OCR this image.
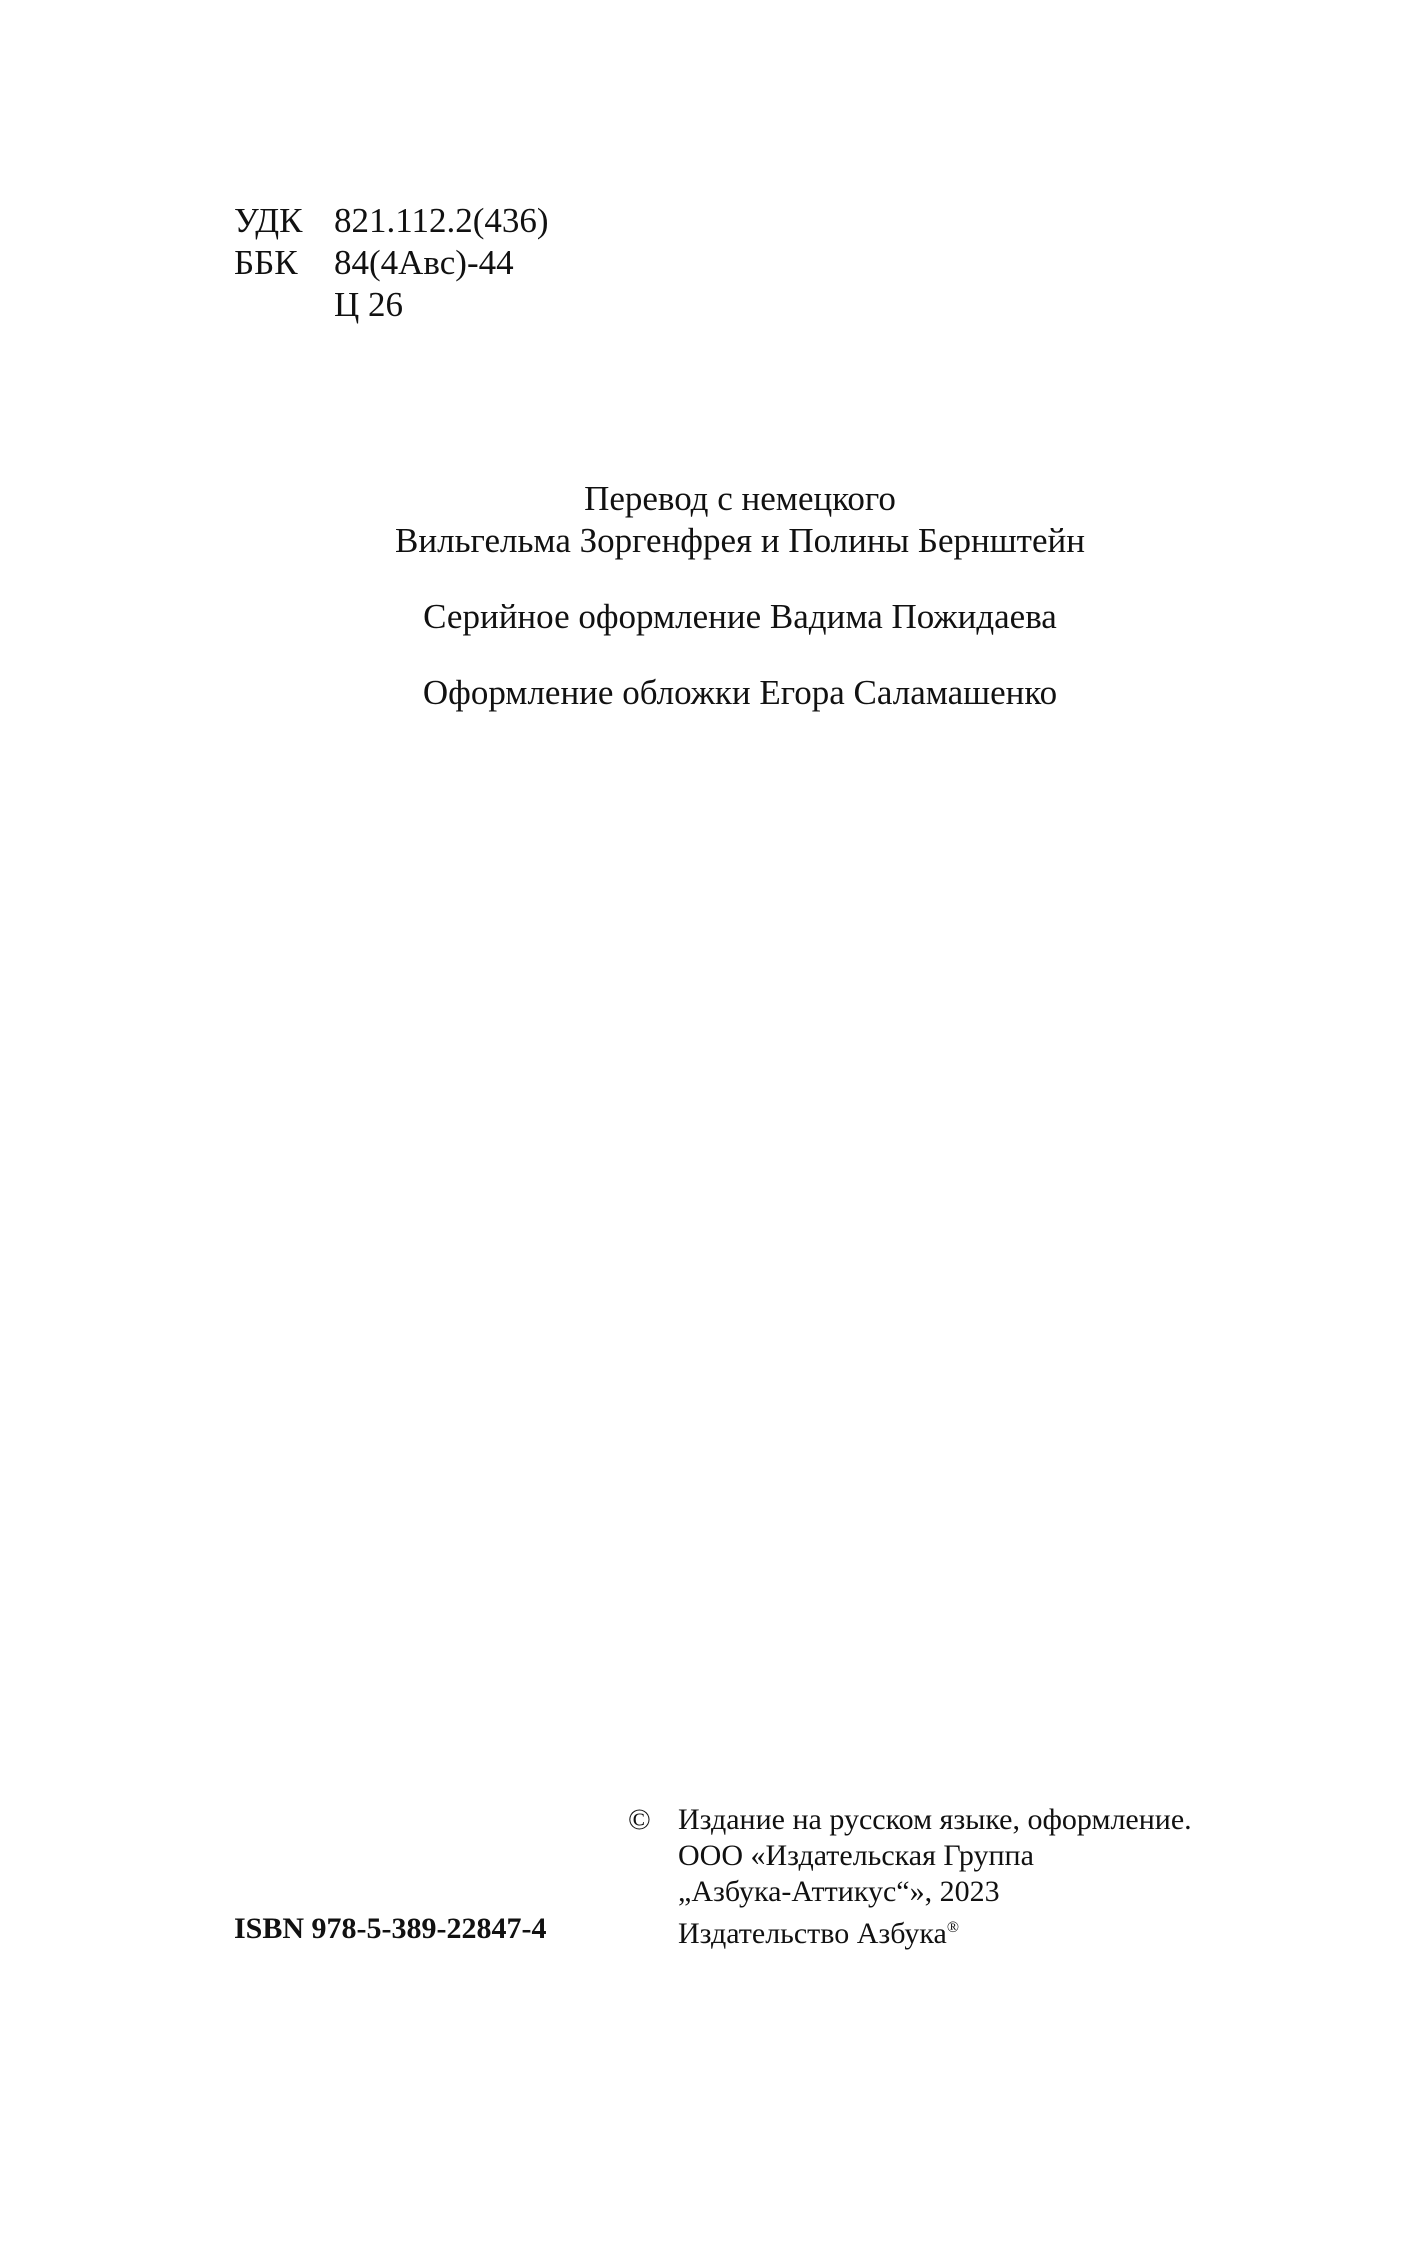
УДК 821.112.2(436)
ББК	84(4Авс)-44
Ц 26
Перевод с немецкого
Вильгельма Зоргенфрея и Полины Бернштейн
Серийное оформление Вадима Пожидаева
Оформление обложки Егора Саламашенко
ISBN 978-5-389-22847-4
© Издание на русском языке, оформление.
ООО «Издательская Группа
„Азбука-Аттикус“», 2023
Издательство Азбука®
